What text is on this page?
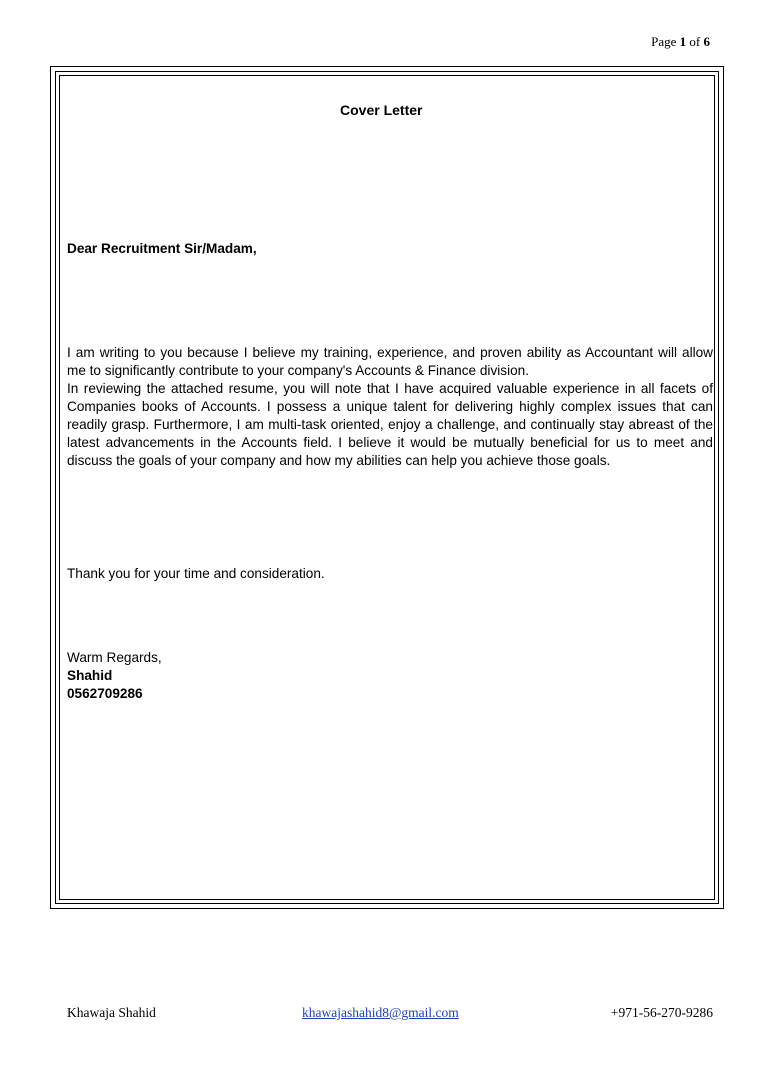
Page 1 of 6
Cover Letter
Dear Recruitment Sir/Madam,

I am writing to you because I believe my training, experience, and proven ability as Accountant will allow me to significantly contribute to your company's Accounts & Finance division.

In reviewing the attached resume, you will note that I have acquired valuable experience in all facets of Companies books of Accounts. I possess a unique talent for delivering highly complex issues that can readily grasp. Furthermore, I am multi-task oriented, enjoy a challenge, and continually stay abreast of the latest advancements in the Accounts field. I believe it would be mutually beneficial for us to meet and discuss the goals of your company and how my abilities can help you achieve those goals.

Thank you for your time and consideration.
Warm Regards,
Shahid
0562709286
Khawaja Shahid	khawajashahid8@gmail.com	+971-56-270-9286
